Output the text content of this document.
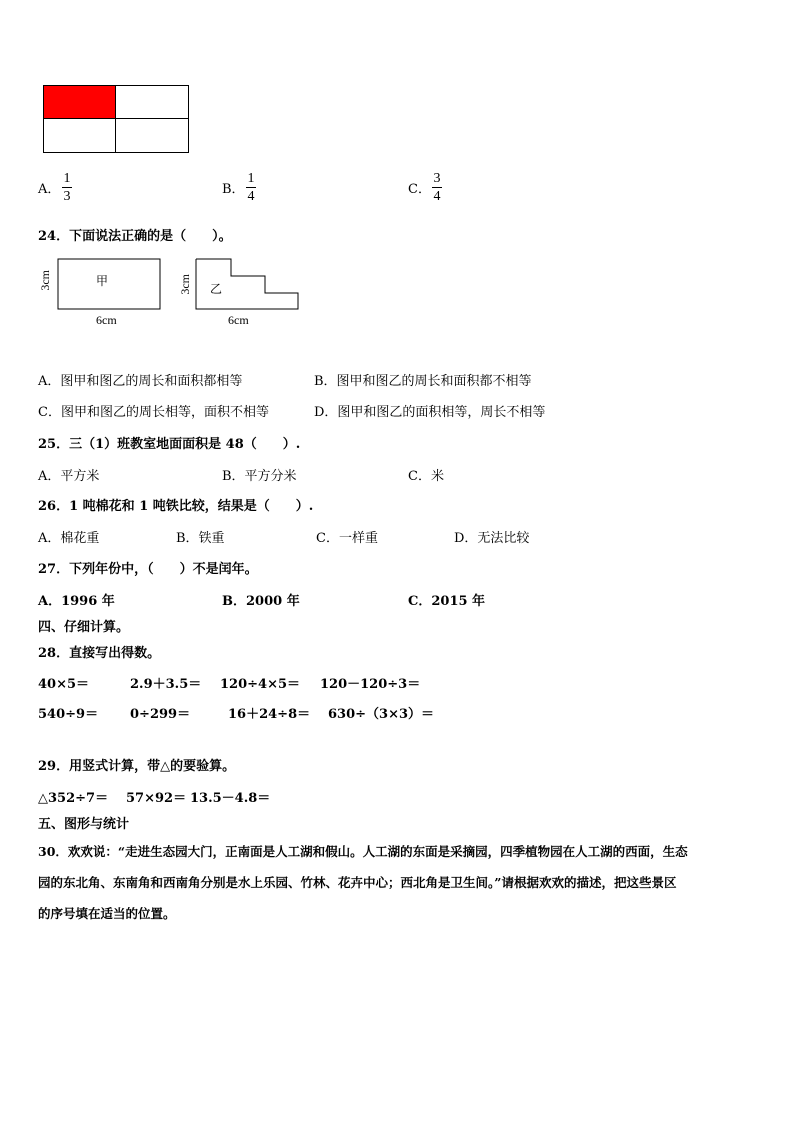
A．
1
3	B．
1
4	C．
3
4
24．下面说法正确的是（　　）。
甲
3cm
6cm
乙
3cm
6cm
A．图甲和图乙的周长和面积都相等	B．图甲和图乙的周长和面积都不相等
C．图甲和图乙的周长相等，面积不相等	D．图甲和图乙的面积相等，周长不相等
25．三（1）班教室地面面积是 48（　　）.
A．平方米	B．平方分米	C．米
26．1 吨棉花和 1 吨铁比较，结果是（　　）.
A．棉花重	B．铁重	C．一样重	D．无法比较
27．下列年份中，（　　）不是闰年。
A．1996 年	B．2000 年	C．2015 年
四、仔细计算。
28．直接写出得数。
40×5＝	2.9＋3.5＝ 120÷4×5＝ 120－120÷3＝
540÷9＝ 0÷299＝	16＋24÷8＝ 630÷（3×3）＝
29．用竖式计算，带△的要验算。
△352÷7＝ 57×92＝ 13.5－4.8＝
五、图形与统计
30．欢欢说：“走进生态园大门，正南面是人工湖和假山。人工湖的东面是采摘园，四季植物园在人工湖的西面，生态
园的东北角、东南角和西南角分别是水上乐园、竹林、花卉中心；西北角是卫生间。”请根据欢欢的描述，把这些景区
的序号填在适当的位置。
